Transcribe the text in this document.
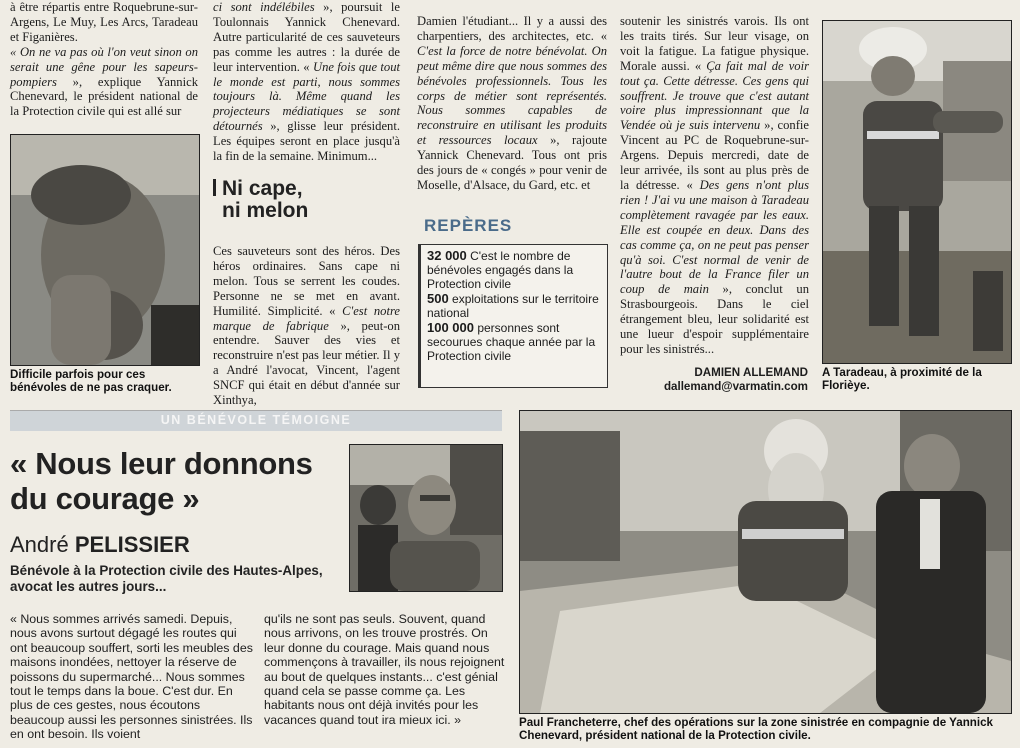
à être répartis entre Roquebrune-sur-Argens, Le Muy, Les Arcs, Taradeau et Figanières.

« On ne va pas où l'on veut sinon on serait une gêne pour les sapeurs-pompiers », explique Yannick Chenevard, le président national de la Protection civile qui est allé sur

Difficile parfois pour ces bénévoles de ne pas craquer.

ci sont indélébiles », poursuit le Toulonnais Yannick Chenevard. Autre particularité de ces sauveteurs pas comme les autres : la durée de leur intervention. « Une fois que tout le monde est parti, nous sommes toujours là. Même quand les projecteurs médiatiques se sont détournés », glisse leur président. Les équipes seront en place jusqu'à la fin de la semaine. Minimum...

Ni cape,
ni melon

Ces sauveteurs sont des héros. Des héros ordinaires. Sans cape ni melon. Tous se serrent les coudes. Personne ne se met en avant. Humilité. Simplicité. « C'est notre marque de fabrique », peut-on entendre. Sauver des vies et reconstruire n'est pas leur métier. Il y a André l'avocat, Vincent, l'agent SNCF qui était en début d'année sur Xinthya,

Damien l'étudiant... Il y a aussi des charpentiers, des architectes, etc. « C'est la force de notre bénévolat. On peut même dire que nous sommes des bénévoles professionnels. Tous les corps de métier sont représentés. Nous sommes capables de reconstruire en utilisant les produits et ressources locaux », rajoute Yannick Chenevard. Tous ont pris des jours de « congés » pour venir de Moselle, d'Alsace, du Gard, etc. et

REPÈRES
32 000 C'est le nombre de bénévoles engagés dans la Protection civile
500 exploitations sur le territoire national
100 000 personnes sont secourues chaque année par la Protection civile

soutenir les sinistrés varois. Ils ont les traits tirés. Sur leur visage, on voit la fatigue. La fatigue physique. Morale aussi. « Ça fait mal de voir tout ça. Cette détresse. Ces gens qui souffrent. Je trouve que c'est autant voire plus impressionnant que la Vendée où je suis intervenu », confie Vincent au PC de Roquebrune-sur-Argens. Depuis mercredi, date de leur arrivée, ils sont au plus près de la détresse. « Des gens n'ont plus rien ! J'ai vu une maison à Taradeau complètement ravagée par les eaux. Elle est coupée en deux. Dans des cas comme ça, on ne peut pas penser qu'à soi. C'est normal de venir de l'autre bout de la France filer un coup de main », conclut un Strasbourgeois. Dans le ciel étrangement bleu, leur solidarité est une lueur d'espoir supplémentaire pour les sinistrés...

DAMIEN ALLEMAND
dallemand@varmatin.com
A Taradeau, à proximité de la Florièye.
UN BÉNÉVOLE TÉMOIGNE
« Nous leur donnons
du courage »
André PELISSIER
Bénévole à la Protection civile des Hautes-Alpes, avocat les autres jours...
« Nous sommes arrivés samedi. Depuis, nous avons surtout dégagé les routes qui ont beaucoup souffert, sorti les meubles des maisons inondées, nettoyer la réserve de poissons du supermarché... Nous sommes tout le temps dans la boue. C'est dur. En plus de ces gestes, nous écoutons beaucoup aussi les personnes sinistrées. Ils en ont besoin. Ils voient
qu'ils ne sont pas seuls. Souvent, quand nous arrivons, on les trouve prostrés. On leur donne du courage. Mais quand nous commençons à travailler, ils nous rejoignent au bout de quelques instants... c'est génial quand cela se passe comme ça. Les habitants nous ont déjà invités pour les vacances quand tout ira mieux ici. »	Paul Francheterre, chef des opérations sur la zone sinistrée en compagnie de Yannick Chenevard, président national de la Protection civile.
